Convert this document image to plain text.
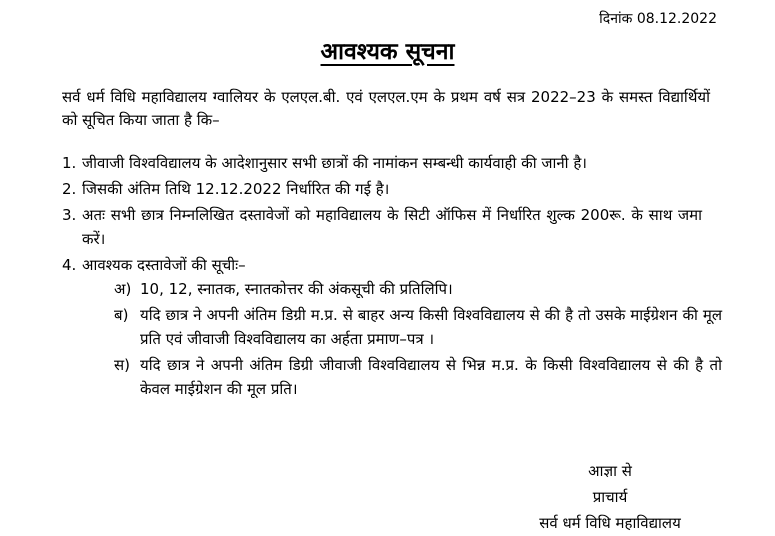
दिनांक 08.12.2022
आवश्यक सूचना
सर्व धर्म विधि महाविद्यालय ग्वालियर के एलएल.बी. एवं एलएल.एम के प्रथम वर्ष सत्र 2022–23 के समस्त विद्यार्थियों को सूचित किया जाता है कि–
1. जीवाजी विश्वविद्यालय के आदेशानुसार सभी छात्रों की नामांकन सम्बन्धी कार्यवाही की जानी है।
2. जिसकी अंतिम तिथि 12.12.2022 निर्धारित की गई है।
3. अतः सभी छात्र निम्नलिखित दस्तावेजों को महाविद्यालय के सिटी ऑफिस में निर्धारित शुल्क 200रू. के साथ जमा करें।
4. आवश्यक दस्तावेजों की सूचीः–
अ) 10, 12, स्नातक, स्नातकोत्तर की अंकसूची की प्रतिलिपि।
ब) यदि छात्र ने अपनी अंतिम डिग्री म.प्र. से बाहर अन्य किसी विश्वविद्यालय से की है तो उसके माईग्रेशन की मूल प्रति एवं जीवाजी विश्वविद्यालय का अर्हता प्रमाण–पत्र ।
स) यदि छात्र ने अपनी अंतिम डिग्री जीवाजी विश्वविद्यालय से भिन्न म.प्र. के किसी विश्वविद्यालय से की है तो केवल माईग्रेशन की मूल प्रति।
आज्ञा से
प्राचार्य
सर्व धर्म विधि महाविद्यालय
